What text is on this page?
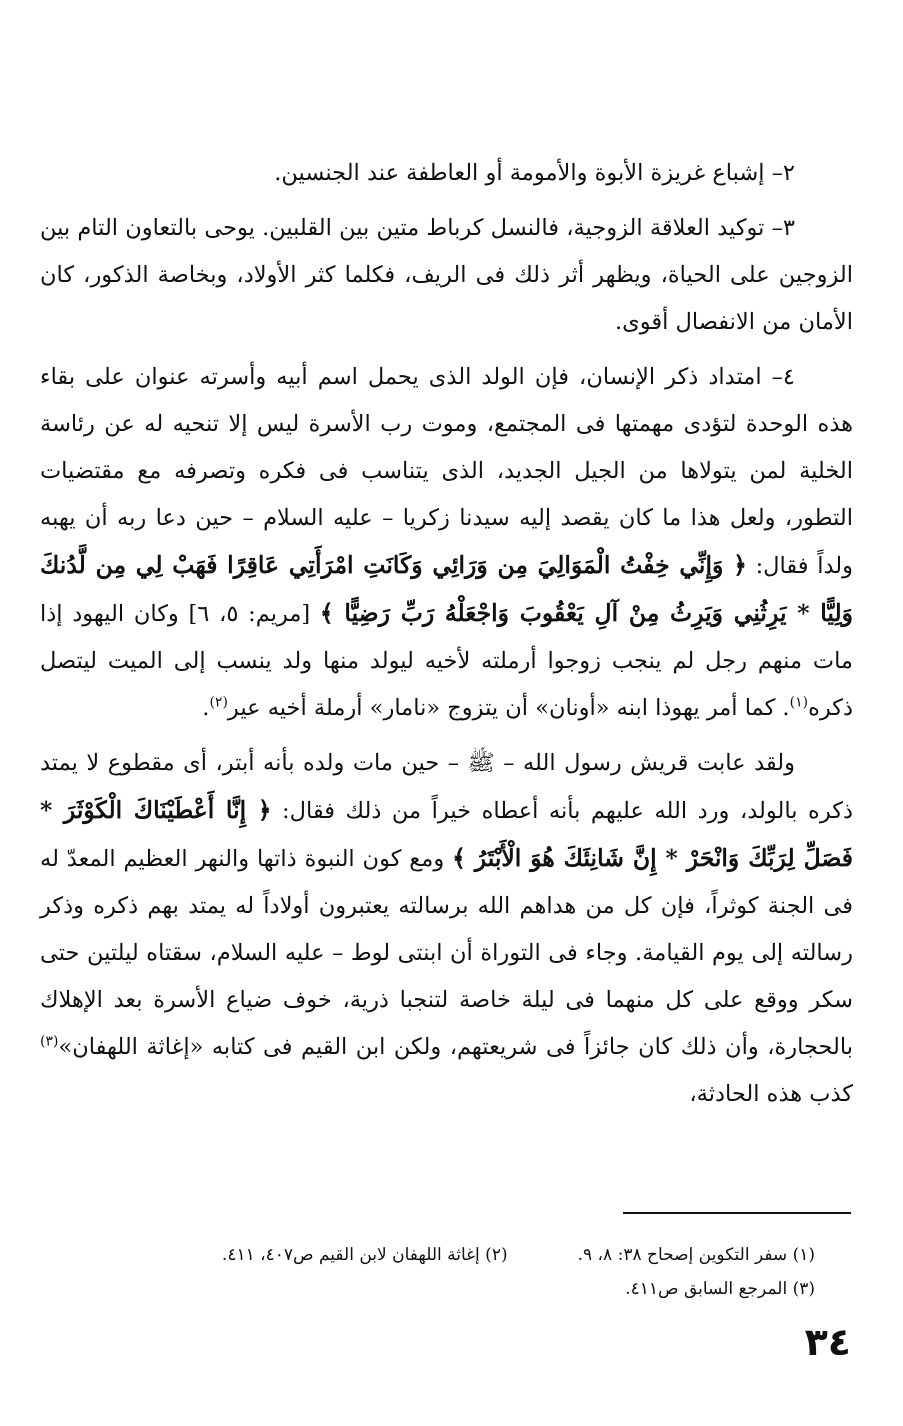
٢– إشباع غريزة الأبوة والأمومة أو العاطفة عند الجنسين.

٣– توكيد العلاقة الزوجية، فالنسل كرباط متين بين القلبين. يوحى بالتعاون التام بين الزوجين على الحياة، ويظهر أثر ذلك فى الريف، فكلما كثر الأولاد، وبخاصة الذكور، كان الأمان من الانفصال أقوى.

٤– امتداد ذكر الإنسان، فإن الولد الذى يحمل اسم أبيه وأسرته عنوان على بقاء هذه الوحدة لتؤدى مهمتها فى المجتمع، وموت رب الأسرة ليس إلا تنحيه له عن رئاسة الخلية لمن يتولاها من الجيل الجديد، الذى يتناسب فى فكره وتصرفه مع مقتضيات التطور، ولعل هذا ما كان يقصد إليه سيدنا زكريا – عليه السلام – حين دعا ربه أن يهبه ولداً فقال: ﴿ وَإِنِّي خِفْتُ الْمَوَالِيَ مِن وَرَائِي وَكَانَتِ امْرَأَتِي عَاقِرًا فَهَبْ لِي مِن لَّدُنكَ وَلِيًّا * يَرِثُنِي وَيَرِثُ مِنْ آلِ يَعْقُوبَ وَاجْعَلْهُ رَبِّ رَضِيًّا ﴾ [مريم: ٥، ٦] وكان اليهود إذا مات منهم رجل لم ينجب زوجوا أرملته لأخيه ليولد منها ولد ينسب إلى الميت ليتصل ذكره$^{(١)}$. كما أمر يهوذا ابنه «أونان» أن يتزوج «نامار» أرملة أخيه عير$^{(٢)}$.

ولقد عابت قريش رسول الله – ﷺ – حين مات ولده بأنه أبتر، أى مقطوع لا يمتد ذكره بالولد، ورد الله عليهم بأنه أعطاه خيراً من ذلك فقال: ﴿ إِنَّا أَعْطَيْنَاكَ الْكَوْثَرَ * فَصَلِّ لِرَبِّكَ وَانْحَرْ * إِنَّ شَانِئَكَ هُوَ الْأَبْتَرُ ﴾ ومع كون النبوة ذاتها والنهر العظيم المعدّ له فى الجنة كوثراً، فإن كل من هداهم الله برسالته يعتبرون أولاداً له يمتد بهم ذكره وذكر رسالته إلى يوم القيامة. وجاء فى التوراة أن ابنتى لوط – عليه السلام، سقتاه ليلتين حتى سكر ووقع على كل منهما فى ليلة خاصة لتنجبا ذرية، خوف ضياع الأسرة بعد الإهلاك بالحجارة، وأن ذلك كان جائزاً فى شريعتهم، ولكن ابن القيم فى كتابه «إغاثة اللهفان»$^{(٣)}$ كذب هذه الحادثة،

(١) سفر التكوين إصحاح ٣٨: ٨، ٩.
(٢) إغاثة اللهفان لابن القيم ص٤٠٧، ٤١١.
(٣) المرجع السابق ص٤١١.
٣٤
